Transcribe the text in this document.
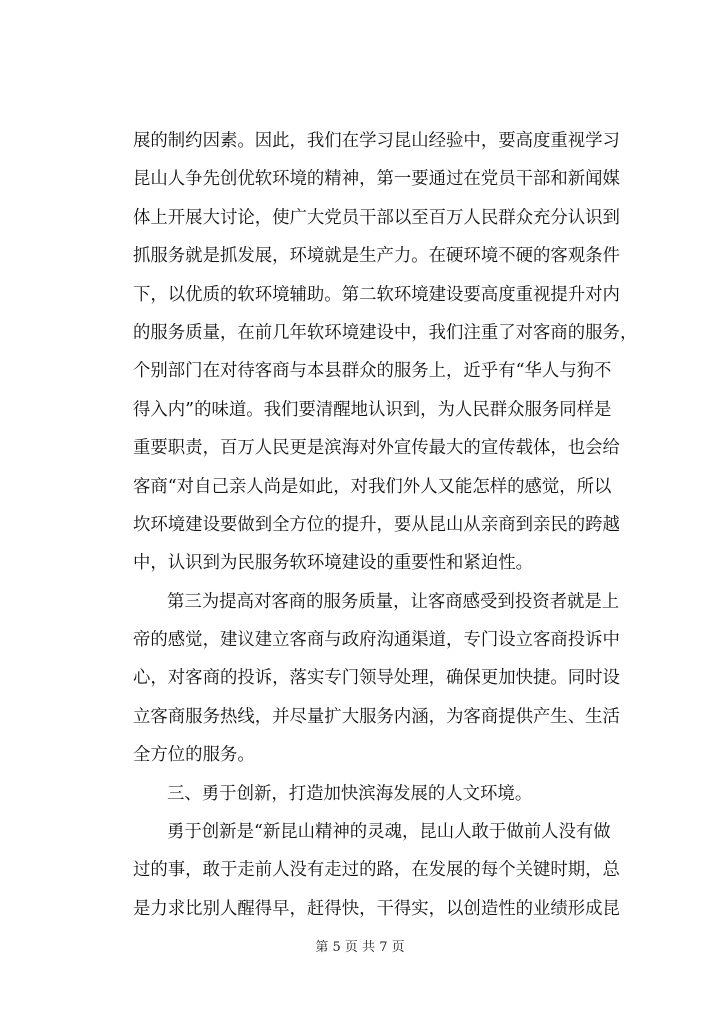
展的制约因素。因此，我们在学习昆山经验中，要高度重视学习
昆山人争先创优软环境的精神，第一要通过在党员干部和新闻媒
体上开展大讨论，使广大党员干部以至百万人民群众充分认识到
抓服务就是抓发展，环境就是生产力。在硬环境不硬的客观条件
下，以优质的软环境辅助。第二软环境建设要高度重视提升对内
的服务质量，在前几年软环境建设中，我们注重了对客商的服务，
个别部门在对待客商与本县群众的服务上，近乎有“华人与狗不
得入内”的味道。我们要清醒地认识到，为人民群众服务同样是
重要职责，百万人民更是滨海对外宣传最大的宣传载体，也会给
客商“对自己亲人尚是如此，对我们外人又能怎样的感觉，所以
坎环境建设要做到全方位的提升，要从昆山从亲商到亲民的跨越
中，认识到为民服务软环境建设的重要性和紧迫性。
第三为提高对客商的服务质量，让客商感受到投资者就是上
帝的感觉，建议建立客商与政府沟通渠道，专门设立客商投诉中
心，对客商的投诉，落实专门领导处理，确保更加快捷。同时设
立客商服务热线，并尽量扩大服务内涵，为客商提供产生、生活
全方位的服务。
三、勇于创新，打造加快滨海发展的人文环境。
勇于创新是“新昆山精神的灵魂，昆山人敢于做前人没有做
过的事，敢于走前人没有走过的路，在发展的每个关键时期，总
是力求比别人醒得早，赶得快，干得实，以创造性的业绩形成昆
第 5 页 共 7 页
